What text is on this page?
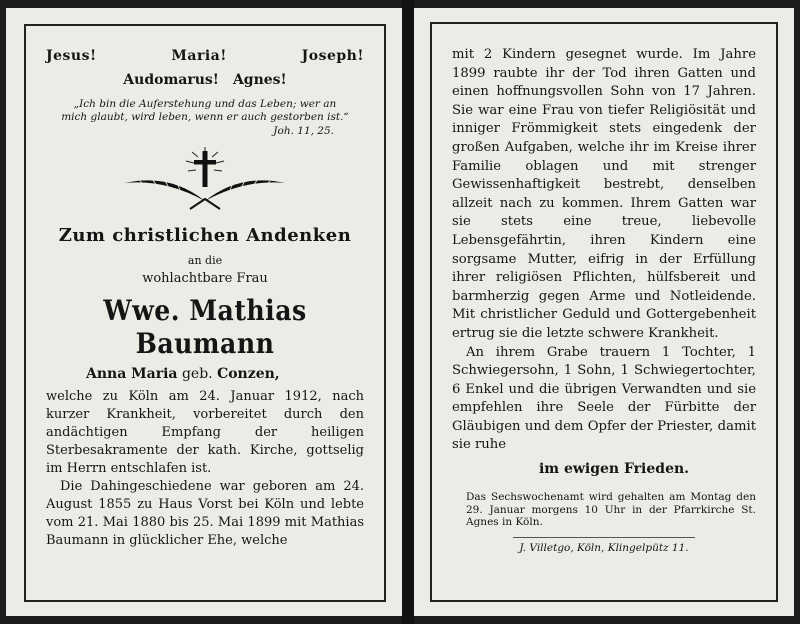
Jesus!	Maria!	Joseph!
Audomarus! Agnes!
„Ich bin die Auferstehung und das Leben; wer an mich glaubt, wird leben, wenn er auch gestorben ist.“
Joh. 11, 25.
Zum christlichen Andenken
an die
wohlachtbare Frau
Wwe. Mathias Baumann
Anna Maria geb. Conzen,

welche zu Köln am 24. Januar 1912, nach kurzer Krankheit, vorbereitet durch den andächtigen Empfang der heiligen Sterbesakramente der kath. Kirche, gottselig im Herrn entschlafen ist.

Die Dahingeschiedene war geboren am 24. August 1855 zu Haus Vorst bei Köln und lebte vom 21. Mai 1880 bis 25. Mai 1899 mit Mathias Baumann in glücklicher Ehe, welche

mit 2 Kindern gesegnet wurde. Im Jahre 1899 raubte ihr der Tod ihren Gatten und einen hoffnungsvollen Sohn von 17 Jahren. Sie war eine Frau von tiefer Religiösität und inniger Frömmigkeit stets eingedenk der großen Aufgaben, welche ihr im Kreise ihrer Familie oblagen und mit strenger Gewissenhaftigkeit bestrebt, denselben allzeit nach zu kommen. Ihrem Gatten war sie stets eine treue, liebevolle Lebensgefährtin, ihren Kindern eine sorgsame Mutter, eifrig in der Erfüllung ihrer religiösen Pflichten, hülfsbereit und barmherzig gegen Arme und Notleidende. Mit christlicher Geduld und Gottergebenheit ertrug sie die letzte schwere Krankheit.

An ihrem Grabe trauern 1 Tochter, 1 Schwiegersohn, 1 Sohn, 1 Schwiegertochter, 6 Enkel und die übrigen Verwandten und sie empfehlen ihre Seele der Fürbitte der Gläubigen und dem Opfer der Priester, damit sie ruhe

im ewigen Frieden.
Das Sechswochenamt wird gehalten am Montag den 29. Januar morgens 10 Uhr in der Pfarrkirche St. Agnes in Köln.
J. Villetgo, Köln, Klingelpütz 11.
